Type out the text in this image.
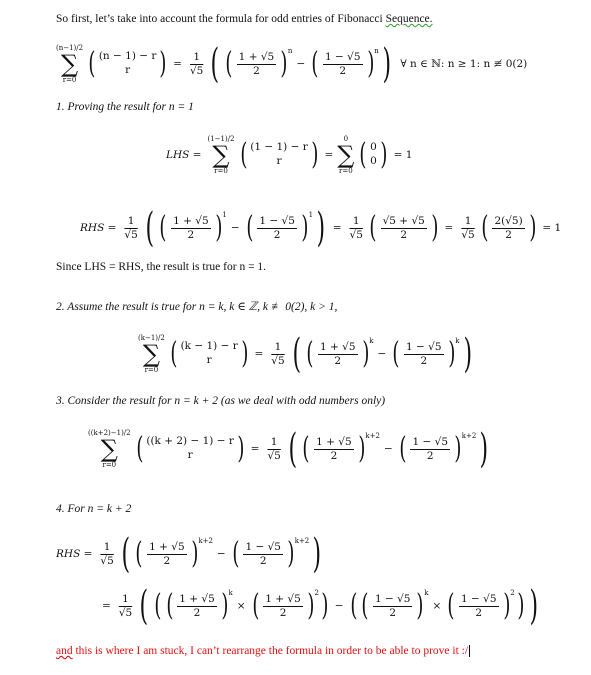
So first, let’s take into account the formula for odd entries of Fibonacci Sequence.
(n−1)/2
∑
r=0 ( (n − 1) − r
r ) = $\frac{1}{√5}$ ( ( $\frac{1 + √5}{2}$ ) n
− ( $\frac{1 - √5}{2}$ ) n ) ∀ n ∈ ℕ: n ≥ 1: n ≢ 0(2)
1. Proving the result for n = 1
LHS =
(1−1)/2
∑
r=0 ( (1 − 1) − r
r ) =
0
∑
r=0 ( 0
0 ) = 1
RHS = $\frac{1}{√5}$ ( ( $\frac{1 + √5}{2}$ ) 1
− ( $\frac{1 - √5}{2}$ ) 1 ) = $\frac{1}{√5}$ ( $\frac{√5 + √5}{2}$ ) = $\frac{1}{√5}$ ( $\frac{2(√5)}{2}$ ) = 1
Since LHS = RHS, the result is true for n = 1.
2. Assume the result is true for n = k, k ∈ ℤ, k ≢ 0(2), k > 1,
(k−1)/2
∑
r=0 ( (k − 1) − r
r ) = $\frac{1}{√5}$ ( ( $\frac{1 + √5}{2}$ ) k
− ( $\frac{1 - √5}{2}$ ) k )
3. Consider the result for n = k + 2 (as we deal with odd numbers only)
((k+2)−1)/2
∑
r=0 ( ((k + 2) − 1) − r
r ) = $\frac{1}{√5}$ ( ( $\frac{1 + √5}{2}$ ) k+2
− ( $\frac{1 - √5}{2}$ ) k+2 )
4. For n = k + 2
RHS = $\frac{1}{√5}$ ( ( $\frac{1 + √5}{2}$ ) k+2
− ( $\frac{1 - √5}{2}$ ) k+2 )
= $\frac{1}{√5}$ ( ( ( $\frac{1 + √5}{2}$ ) k
× ( $\frac{1 + √5}{2}$ ) 2 ) − ( ( $\frac{1 - √5}{2}$ ) k
× ( $\frac{1 - √5}{2}$ ) 2 ) )
and this is where I am stuck, I can’t rearrange the formula in order to be able to prove it :/
